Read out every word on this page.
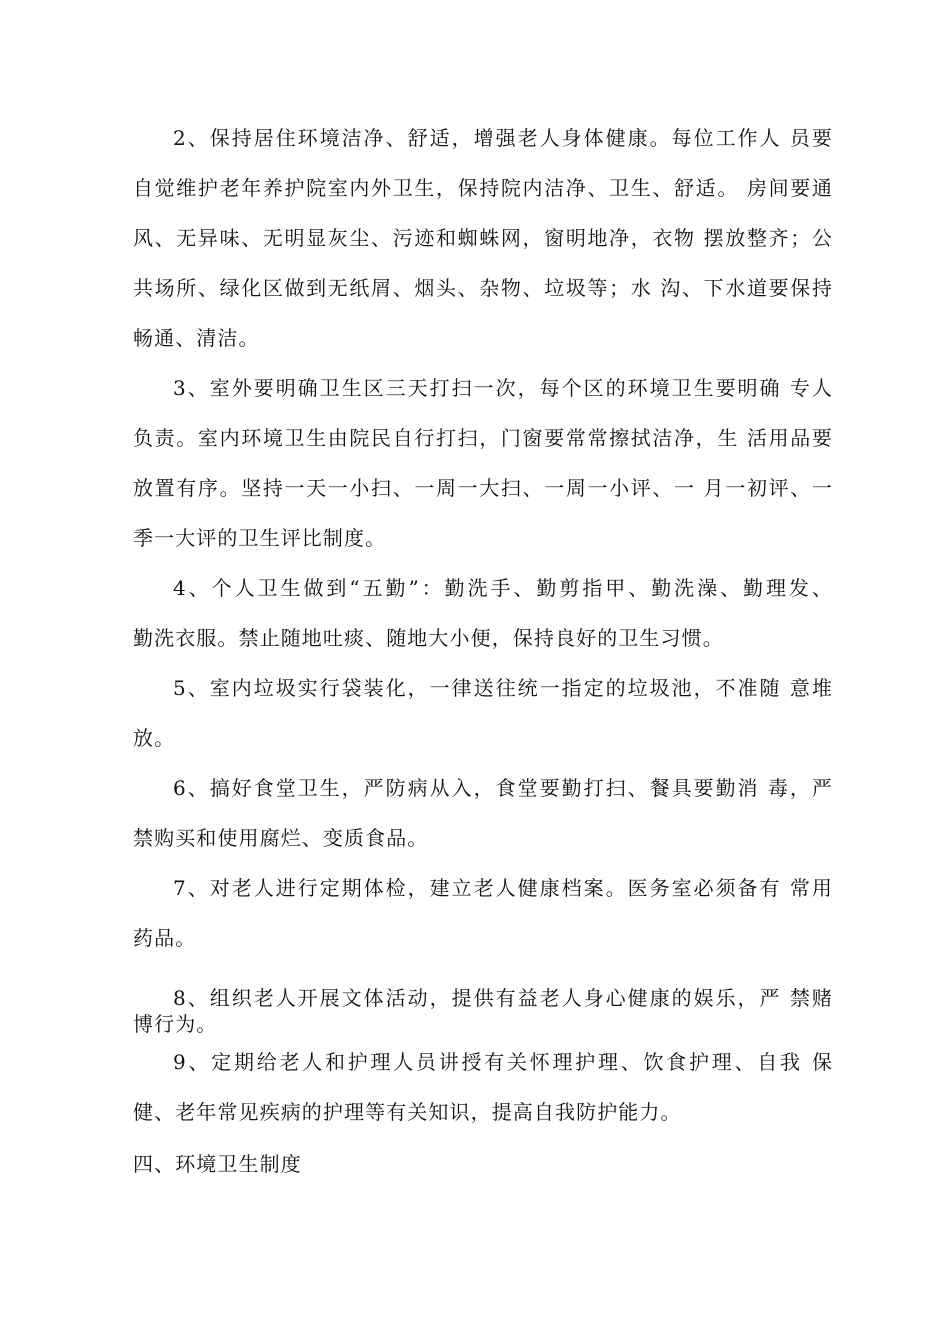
2、保持居住环境洁净、舒适，增强老人身体健康。每位工作人 员要
自觉维护老年养护院室内外卫生，保持院内洁净、卫生、舒适。 房间要通
风、无异味、无明显灰尘、污迹和蜘蛛网，窗明地净，衣物 摆放整齐；公
共场所、绿化区做到无纸屑、烟头、杂物、垃圾等；水 沟、下水道要保持
畅通、清洁。
3、室外要明确卫生区三天打扫一次，每个区的环境卫生要明确 专人
负责。室内环境卫生由院民自行打扫，门窗要常常擦拭洁净，生 活用品要
放置有序。坚持一天一小扫、一周一大扫、一周一小评、一 月一初评、一
季一大评的卫生评比制度。
4、个人卫生做到“五勤”：勤洗手、勤剪指甲、勤洗澡、勤理发、
勤洗衣服。禁止随地吐痰、随地大小便，保持良好的卫生习惯。
5、室内垃圾实行袋装化，一律送往统一指定的垃圾池，不准随 意堆
放。
6、搞好食堂卫生，严防病从入，食堂要勤打扫、餐具要勤消 毒，严
禁购买和使用腐烂、变质食品。
7、对老人进行定期体检，建立老人健康档案。医务室必须备有 常用
药品。
8、组织老人开展文体活动，提供有益老人身心健康的娱乐，严 禁赌
博行为。
9、定期给老人和护理人员讲授有关怀理护理、饮食护理、自我 保
健、老年常见疾病的护理等有关知识，提高自我防护能力。
四、环境卫生制度
